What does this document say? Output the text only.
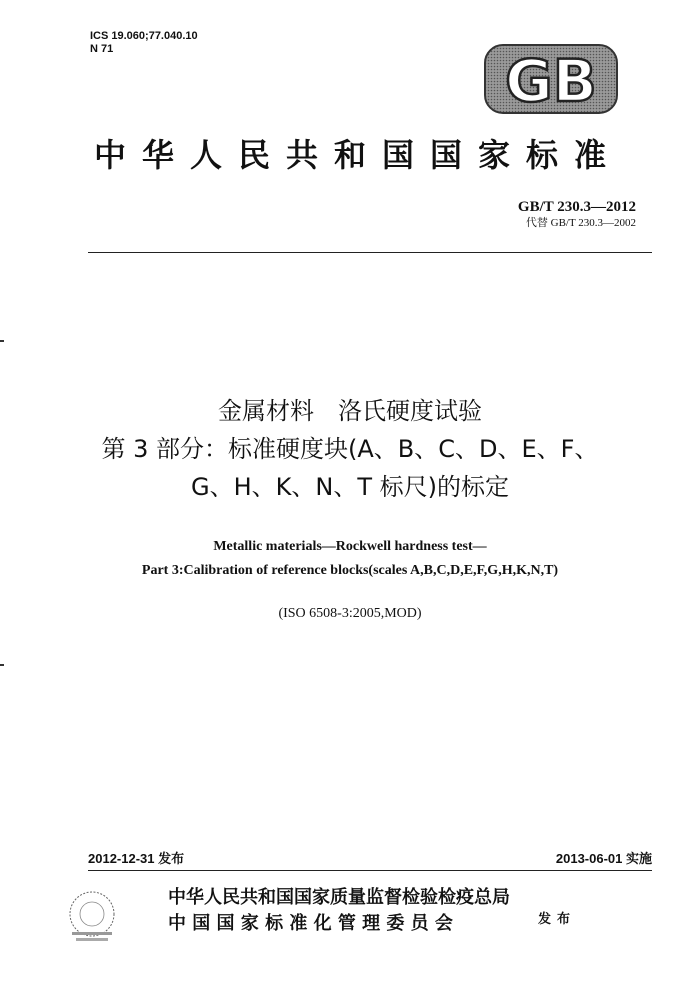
ICS 19.060;77.040.10
N 71	GB
中华人民共和国国家标准
GB/T 230.3—2012
代替 GB/T 230.3—2002
金属材料　洛氏硬度试验
第 3 部分：标准硬度块(A、B、C、D、E、F、
G、H、K、N、T 标尺)的标定
Metallic materials—Rockwell hardness test—
Part 3:Calibration of reference blocks(scales A,B,C,D,E,F,G,H,K,N,T)
(ISO 6508-3:2005,MOD)
2012-12-31 发布	2013-06-01 实施
中华人民共和国国家质量监督检验检疫总局
中 国 国 家 标 准 化 管 理 委 员 会	发布
